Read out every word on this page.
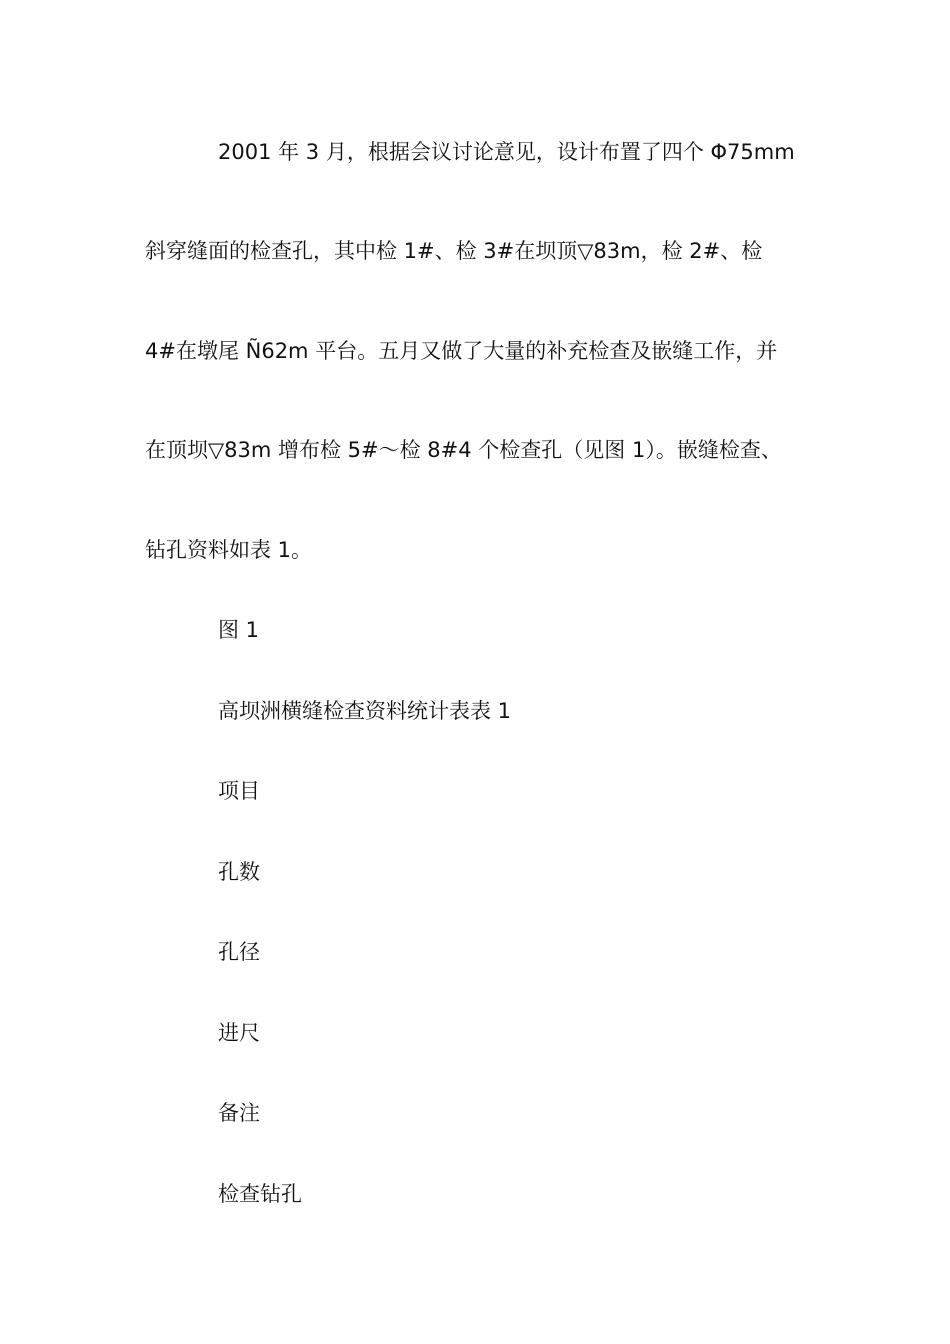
2001 年 3 月，根据会议讨论意见，设计布置了四个 Φ75mm
斜穿缝面的检查孔，其中检 1#、检 3#在坝顶▽83m，检 2#、检
4#在墩尾 Ñ62m 平台。五月又做了大量的补充检查及嵌缝工作，并
在顶坝▽83m 增布检 5#～检 8#4 个检查孔（见图 1）。嵌缝检查、
钻孔资料如表 1。
图 1
高坝洲横缝检查资料统计表表 1
项目
孔数
孔径
进尺
备注
检查钻孔
